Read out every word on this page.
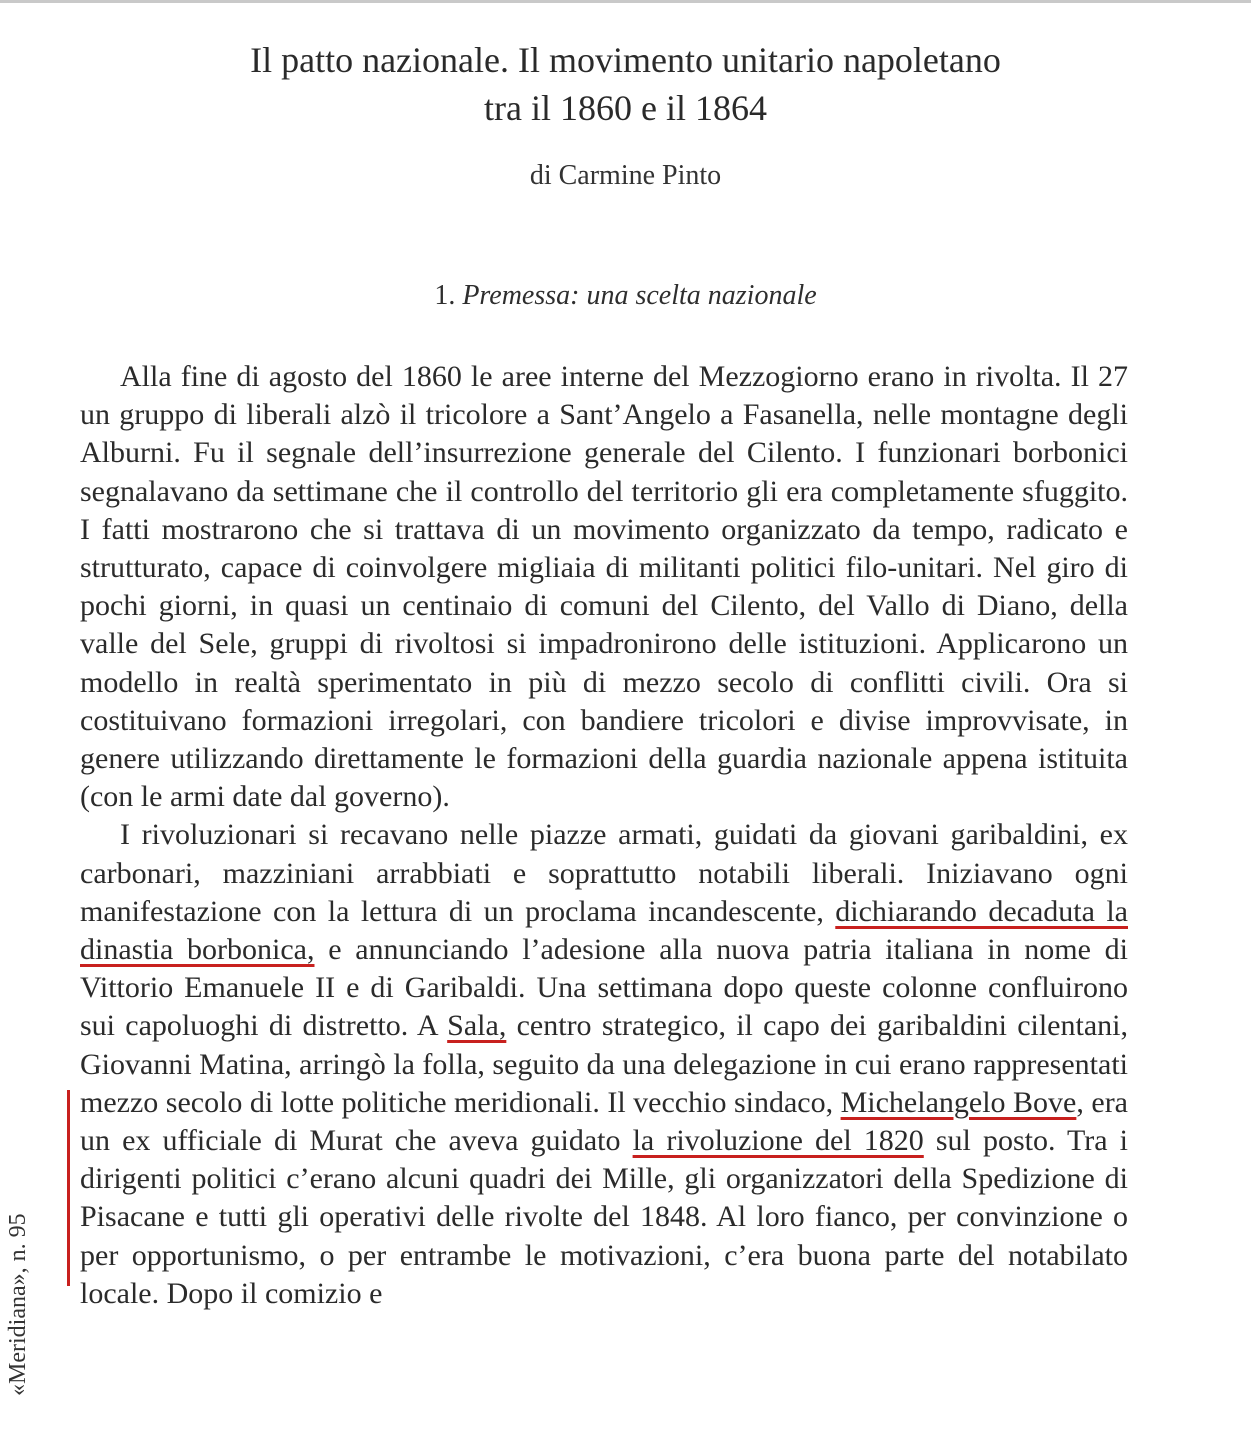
Il patto nazionale. Il movimento unitario napoletano
tra il 1860 e il 1864
di Carmine Pinto
1. Premessa: una scelta nazionale

Alla fine di agosto del 1860 le aree interne del Mezzogiorno erano in rivolta. Il 27 un gruppo di liberali alzò il tricolore a Sant’Angelo a Fasanella, nelle montagne degli Alburni. Fu il segnale dell’insurrezione generale del Cilento. I funzionari borbonici segnalavano da settimane che il controllo del territorio gli era completamente sfuggito. I fatti mostrarono che si trattava di un movimento organizzato da tempo, radicato e strutturato, capace di coinvolgere migliaia di militanti politici filo-unitari. Nel giro di pochi giorni, in quasi un centinaio di comuni del Cilento, del Vallo di Diano, della valle del Sele, gruppi di rivoltosi si impadronirono delle istituzioni. Applicarono un modello in realtà sperimentato in più di mezzo secolo di conflitti civili. Ora si costituivano formazioni irregolari, con bandiere tricolori e divise improvvisate, in genere utilizzando direttamente le formazioni della guardia nazionale appena istituita (con le armi date dal governo).

I rivoluzionari si recavano nelle piazze armati, guidati da giovani garibaldini, ex carbonari, mazziniani arrabbiati e soprattutto notabili liberali. Iniziavano ogni manifestazione con la lettura di un proclama incandescente, dichiarando decaduta la dinastia borbonica, e annunciando l’adesione alla nuova patria italiana in nome di Vittorio Emanuele II e di Garibaldi. Una settimana dopo queste colonne confluirono sui capoluoghi di distretto. A Sala, centro strategico, il capo dei garibaldini cilentani, Giovanni Matina, arringò la folla, seguito da una delegazione in cui erano rappresentati mezzo secolo di lotte politiche meridionali. Il vecchio sindaco, Michelangelo Bove, era un ex ufficiale di Murat che aveva guidato la rivoluzione del 1820 sul posto. Tra i dirigenti politici c’erano alcuni quadri dei Mille, gli organizzatori della Spedizione di Pisacane e tutti gli operativi delle rivolte del 1848. Al loro fianco, per convinzione o per opportunismo, o per entrambe le motivazioni, c’era buona parte del notabilato locale. Dopo il comizio e

«Meridiana», n. 95
